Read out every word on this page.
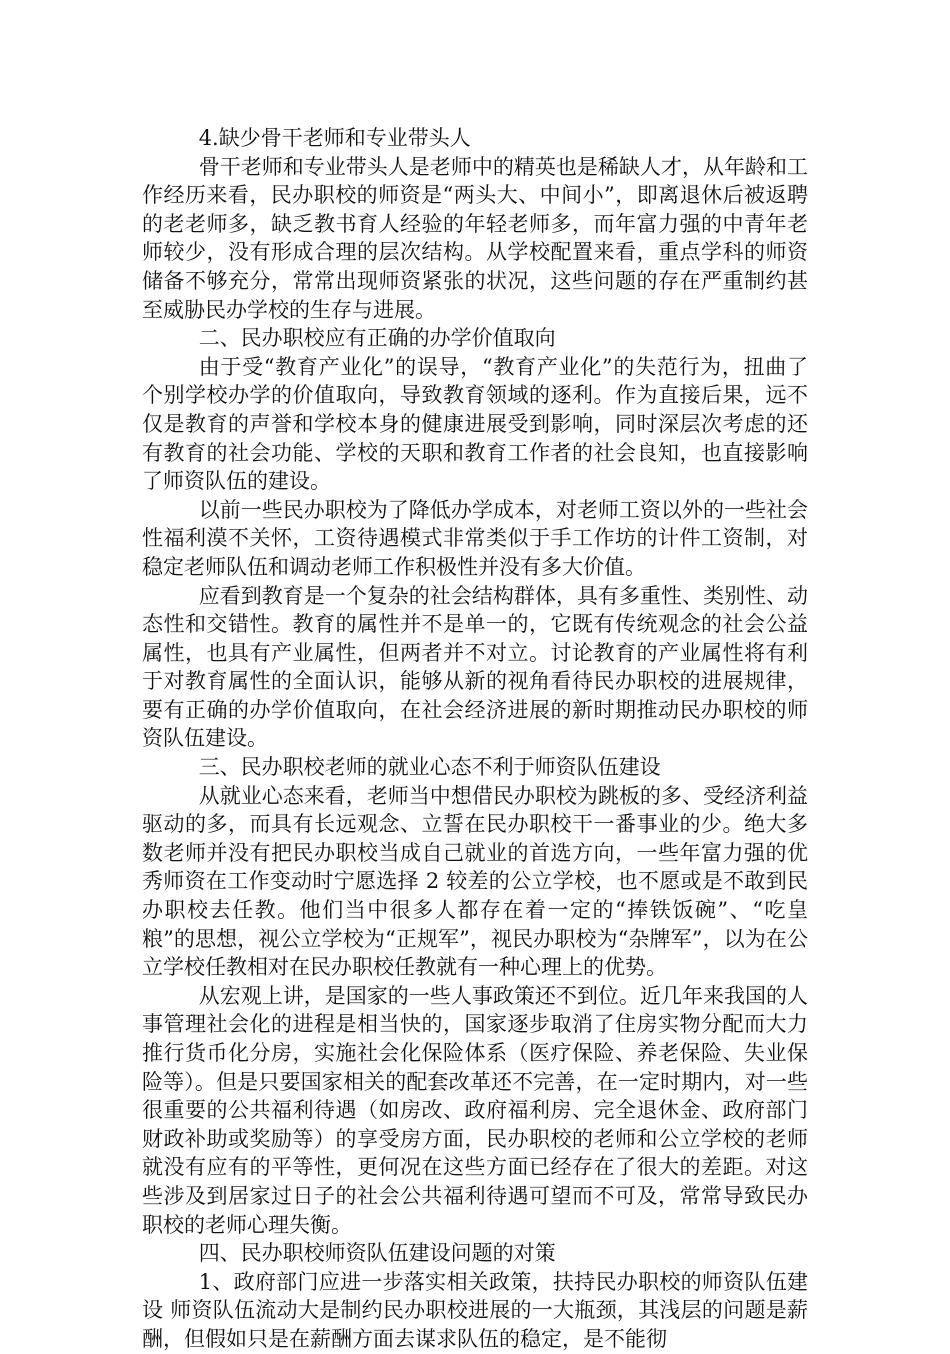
4.缺少骨干老师和专业带头人

骨干老师和专业带头人是老师中的精英也是稀缺人才，从年龄和工作经历来看，民办职校的师资是“两头大、中间小”，即离退休后被返聘的老老师多，缺乏教书育人经验的年轻老师多，而年富力强的中青年老师较少，没有形成合理的层次结构。从学校配置来看，重点学科的师资储备不够充分，常常出现师资紧张的状况，这些问题的存在严重制约甚至威胁民办学校的生存与进展。

二、民办职校应有正确的办学价值取向

由于受“教育产业化”的误导，“教育产业化”的失范行为，扭曲了个别学校办学的价值取向，导致教育领域的逐利。作为直接后果，远不仅是教育的声誉和学校本身的健康进展受到影响，同时深层次考虑的还有教育的社会功能、学校的天职和教育工作者的社会良知，也直接影响了师资队伍的建设。

以前一些民办职校为了降低办学成本，对老师工资以外的一些社会性福利漠不关怀，工资待遇模式非常类似于手工作坊的计件工资制，对稳定老师队伍和调动老师工作积极性并没有多大价值。

应看到教育是一个复杂的社会结构群体，具有多重性、类别性、动态性和交错性。教育的属性并不是单一的，它既有传统观念的社会公益属性，也具有产业属性，但两者并不对立。讨论教育的产业属性将有利于对教育属性的全面认识，能够从新的视角看待民办职校的进展规律，要有正确的办学价值取向，在社会经济进展的新时期推动民办职校的师资队伍建设。

三、民办职校老师的就业心态不利于师资队伍建设

从就业心态来看，老师当中想借民办职校为跳板的多、受经济利益驱动的多，而具有长远观念、立誓在民办职校干一番事业的少。绝大多数老师并没有把民办职校当成自己就业的首选方向，一些年富力强的优秀师资在工作变动时宁愿选择 2 较差的公立学校，也不愿或是不敢到民办职校去任教。他们当中很多人都存在着一定的“捧铁饭碗”、“吃皇粮”的思想，视公立学校为“正规军”，视民办职校为“杂牌军”，以为在公立学校任教相对在民办职校任教就有一种心理上的优势。

从宏观上讲，是国家的一些人事政策还不到位。近几年来我国的人事管理社会化的进程是相当快的，国家逐步取消了住房实物分配而大力推行货币化分房，实施社会化保险体系（医疗保险、养老保险、失业保险等）。但是只要国家相关的配套改革还不完善，在一定时期内，对一些很重要的公共福利待遇（如房改、政府福利房、完全退休金、政府部门财政补助或奖励等）的享受房方面，民办职校的老师和公立学校的老师就没有应有的平等性，更何况在这些方面已经存在了很大的差距。对这些涉及到居家过日子的社会公共福利待遇可望而不可及，常常导致民办职校的老师心理失衡。

四、民办职校师资队伍建设问题的对策

1、政府部门应进一步落实相关政策，扶持民办职校的师资队伍建设 师资队伍流动大是制约民办职校进展的一大瓶颈，其浅层的问题是薪酬，但假如只是在薪酬方面去谋求队伍的稳定，是不能彻
